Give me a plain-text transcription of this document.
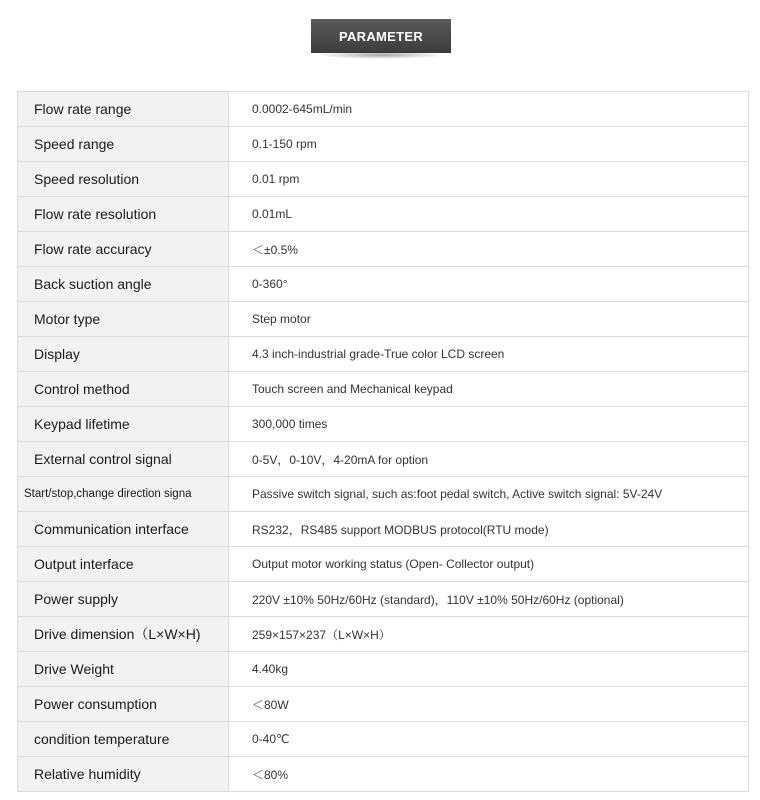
PARAMETER
Flow rate range	0.0002-645mL/min
Speed range	0.1-150 rpm
Speed resolution	0.01 rpm
Flow rate resolution	0.01mL
Flow rate accuracy	＜±0.5%
Back suction angle	0-360°
Motor type	Step motor
Display	4.3 inch-industrial grade-True color LCD screen
Control method	Touch screen and Mechanical keypad
Keypad lifetime	300,000 times
External control signal	0-5V，0-10V，4-20mA for option
Start/stop,change direction signa	Passive switch signal, such as:foot pedal switch, Active switch signal: 5V-24V
Communication interface	RS232，RS485 support MODBUS protocol(RTU mode)
Output interface	Output motor working status (Open- Collector output)
Power supply	220V ±10% 50Hz/60Hz (standard)，110V ±10% 50Hz/60Hz (optional)
Drive dimension（L×W×H)	259×157×237（L×W×H）
Drive Weight	4.40kg
Power consumption	＜80W
condition temperature	0-40℃
Relative humidity	＜80%
